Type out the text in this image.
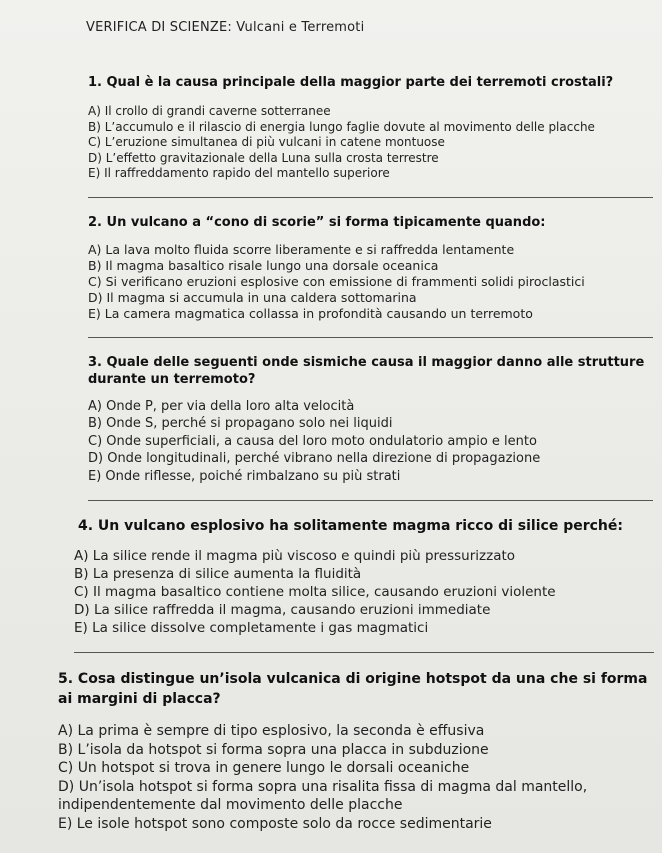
VERIFICA DI SCIENZE: Vulcani e Terremoti
1. Qual è la causa principale della maggior parte dei terremoti crostali?
A) Il crollo di grandi caverne sotterranee
B) L’accumulo e il rilascio di energia lungo faglie dovute al movimento delle placche
C) L’eruzione simultanea di più vulcani in catene montuose
D) L’effetto gravitazionale della Luna sulla crosta terrestre
E) Il raffreddamento rapido del mantello superiore
2. Un vulcano a “cono di scorie” si forma tipicamente quando:
A) La lava molto fluida scorre liberamente e si raffredda lentamente
B) Il magma basaltico risale lungo una dorsale oceanica
C) Si verificano eruzioni esplosive con emissione di frammenti solidi piroclastici
D) Il magma si accumula in una caldera sottomarina
E) La camera magmatica collassa in profondità causando un terremoto
3. Quale delle seguenti onde sismiche causa il maggior danno alle strutture durante un terremoto?
A) Onde P, per via della loro alta velocità
B) Onde S, perché si propagano solo nei liquidi
C) Onde superficiali, a causa del loro moto ondulatorio ampio e lento
D) Onde longitudinali, perché vibrano nella direzione di propagazione
E) Onde riflesse, poiché rimbalzano su più strati
4. Un vulcano esplosivo ha solitamente magma ricco di silice perché:
A) La silice rende il magma più viscoso e quindi più pressurizzato
B) La presenza di silice aumenta la fluidità
C) Il magma basaltico contiene molta silice, causando eruzioni violente
D) La silice raffredda il magma, causando eruzioni immediate
E) La silice dissolve completamente i gas magmatici
5. Cosa distingue un’isola vulcanica di origine hotspot da una che si forma ai margini di placca?
A) La prima è sempre di tipo esplosivo, la seconda è effusiva
B) L’isola da hotspot si forma sopra una placca in subduzione
C) Un hotspot si trova in genere lungo le dorsali oceaniche
D) Un’isola hotspot si forma sopra una risalita fissa di magma dal mantello, indipendentemente dal movimento delle placche
E) Le isole hotspot sono composte solo da rocce sedimentarie
